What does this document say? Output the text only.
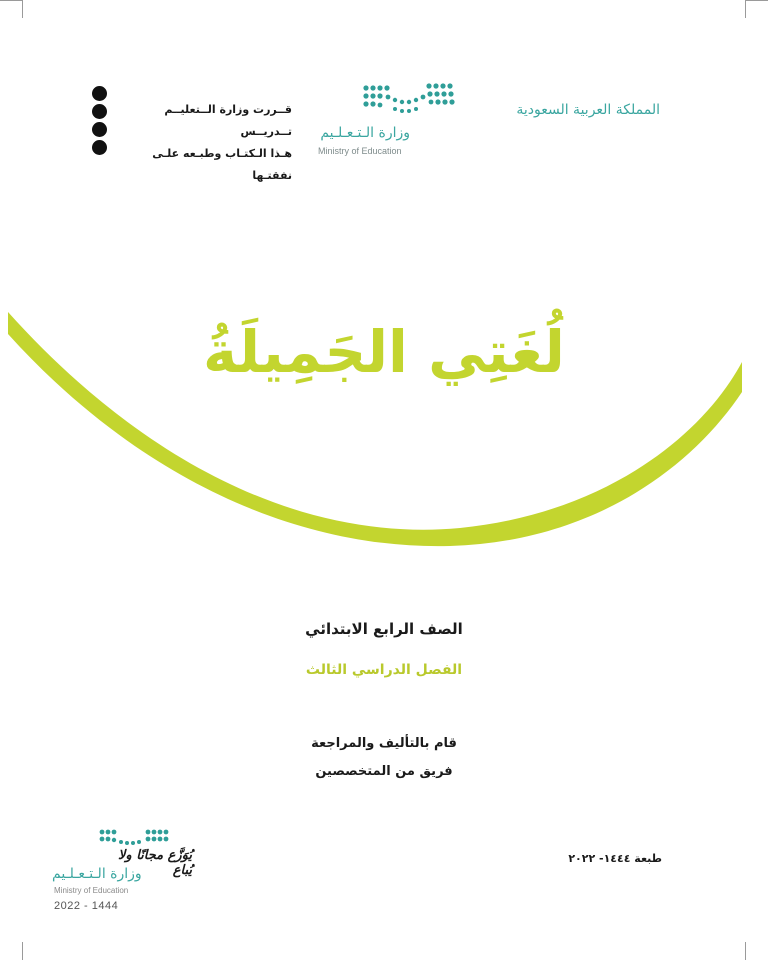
قــررت وزارة الــتعليــم تــدريــس
هـذا الـكتـاب وطبـعه علـى نفقتـها
وزارة الـتـعـلـيم
Ministry of Education
المملكة العربية السعودية
لُغَتِي الجَمِيلَةُ
الصف الرابع الابتدائي
الفصل الدراسي الثالث
قام بالتأليف والمراجعة
فريق من المتخصصين
يُوَزَّع مجانًا ولا يُباع
وزارة الـتـعـلـيم
Ministry of Education
2022 - 1444
طبعة ١٤٤٤- ٢٠٢٢
